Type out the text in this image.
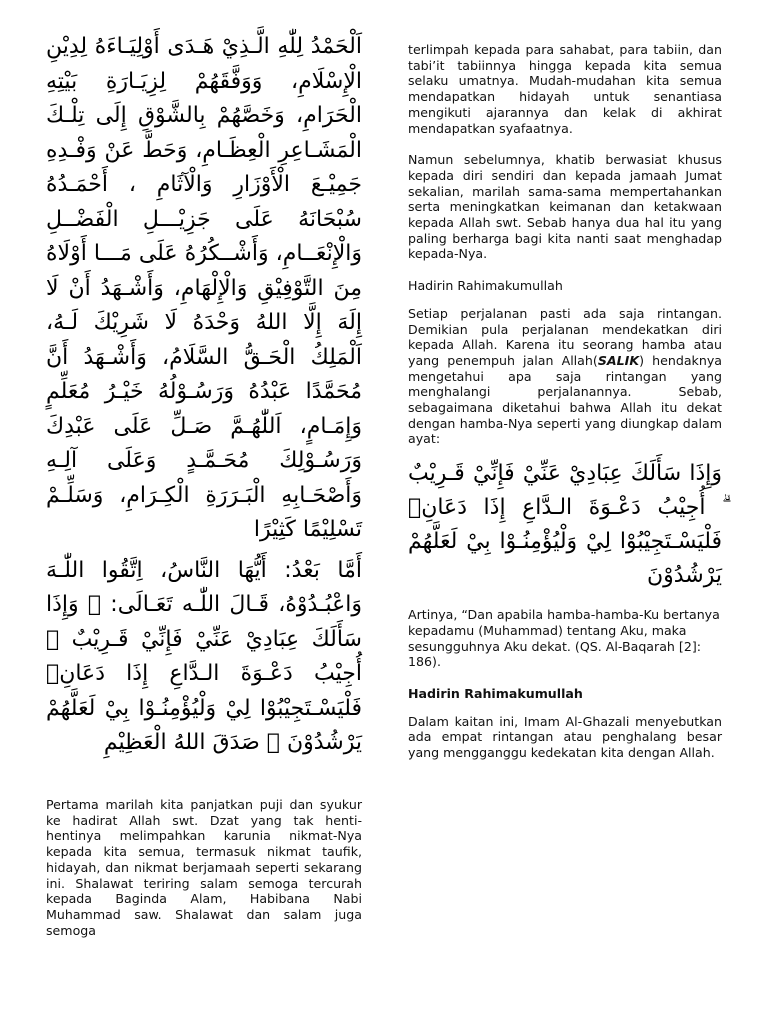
اَلْحَمْدُ لِلّٰهِ الَّـذِيْ هَـدَى أَوْلِيَـاءَهُ لِدِيْنِ الْإِسْلَامِ، وَوَفَّقَهُمْ لِزِيَـارَةِ بَيْتِهِ الْحَرَامِ، وَخَصَّهُمْ بِالشَّوْقِ إِلَى تِلْـكَ الْمَشَـاعِرِ الْعِظَـامِ، وَحَطَّ عَنْ وَفْـدِهِ جَمِيْـعَ الْأَوْزَارِ وَالْآثَامِ ، أَحْمَـدُهُ سُبْحَانَهُ عَلَى جَزِيْـــلِ الْفَضْــلِ وَالْإِنْعَــامِ، وَأَشْــكُرُهُ عَلَى مَـــا أَوْلَاهُ مِنَ التَّوْفِيْقِ وَالْإِلْهَامِ، وَأَشْـهَدُ أَنْ لَا إِلَهَ إِلَّا اللهُ وَحْدَهُ لَا شَرِيْكَ لَـهُ، اَلْمَلِكُ الْحَـقُّ السَّلَامُ، وَأَشْـهَدُ أَنَّ مُحَمَّدًا عَبْدُهُ وَرَسُـوْلُهُ خَيْـرُ مُعَلِّمٍ وَإِمَـامٍ، اَللّٰهُـمَّ صَـلِّ عَلَى عَبْدِكَ وَرَسُـوْلِكَ مُحَـمَّـدٍ وَعَلَى آلِـهِ وَأَصْحَـابِهِ الْبَـرَرَةِ الْكِـرَامِ، وَسَلِّـمْ تَسْلِيْمًا كَثِيْرًا

أَمَّا بَعْدُ: أَيُّهَا النَّاسُ، اِتَّقُوا اللّٰـهَ وَاعْبُـدُوْهُ، قَـالَ اللّٰـه تَعَـالَى: ﴿ وَإِذَا سَأَلَكَ عِبَادِيْ عَنِّيْ فَإِنِّيْ قَـرِيْبٌ ۗ أُجِيْبُ دَعْـوَةَ الـدَّاعِ إِذَا دَعَانِۙ فَلْيَسْـتَجِيْبُوْا لِيْ وَلْيُؤْمِنُـوْا بِيْ لَعَلَّهُمْ يَرْشُدُوْنَ ﴾ صَدَقَ اللهُ الْعَظِيْمِ

Pertama marilah kita panjatkan puji dan syukur ke hadirat Allah swt. Dzat yang tak henti-hentinya melimpahkan karunia nikmat-Nya kepada kita semua, termasuk nikmat taufik, hidayah, dan nikmat berjamaah seperti sekarang ini. Shalawat teriring salam semoga tercurah kepada Baginda Alam, Habibana Nabi Muhammad saw. Shalawat dan salam juga semoga

terlimpah kepada para sahabat, para tabiin, dan tabi’it tabiinnya hingga kepada kita semua selaku umatnya. Mudah-mudahan kita semua mendapatkan hidayah untuk senantiasa mengikuti ajarannya dan kelak di akhirat mendapatkan syafaatnya.

Namun sebelumnya, khatib berwasiat khusus kepada diri sendiri dan kepada jamaah Jumat sekalian, marilah sama-sama mempertahankan serta meningkatkan keimanan dan ketakwaan kepada Allah swt. Sebab hanya dua hal itu yang paling berharga bagi kita nanti saat menghadap kepada-Nya.

Hadirin Rahimakumullah

Setiap perjalanan pasti ada saja rintangan. Demikian pula perjalanan mendekatkan diri kepada Allah. Karena itu seorang hamba atau yang penempuh jalan Allah(SALIK) hendaknya mengetahui apa saja rintangan yang menghalangi perjalanannya. Sebab, sebagaimana diketahui bahwa Allah itu dekat dengan hamba-Nya seperti yang diungkap dalam ayat:

وَإِذَا سَأَلَكَ عِبَادِيْ عَنِّيْ فَإِنِّيْ قَـرِيْبٌ ۗ أُجِيْبُ دَعْـوَةَ الـدَّاعِ إِذَا دَعَانِۙ فَلْيَسْـتَجِيْبُوْا لِيْ وَلْيُؤْمِنُـوْا بِيْ لَعَلَّهُمْ يَرْشُدُوْنَ

Artinya, “Dan apabila hamba-hamba-Ku bertanya kepadamu (Muhammad) tentang Aku, maka sesungguhnya Aku dekat. (QS. Al-Baqarah [2]: 186).

Hadirin Rahimakumullah

Dalam kaitan ini, Imam Al-Ghazali menyebutkan ada empat rintangan atau penghalang besar yang mengganggu kedekatan kita dengan Allah.
